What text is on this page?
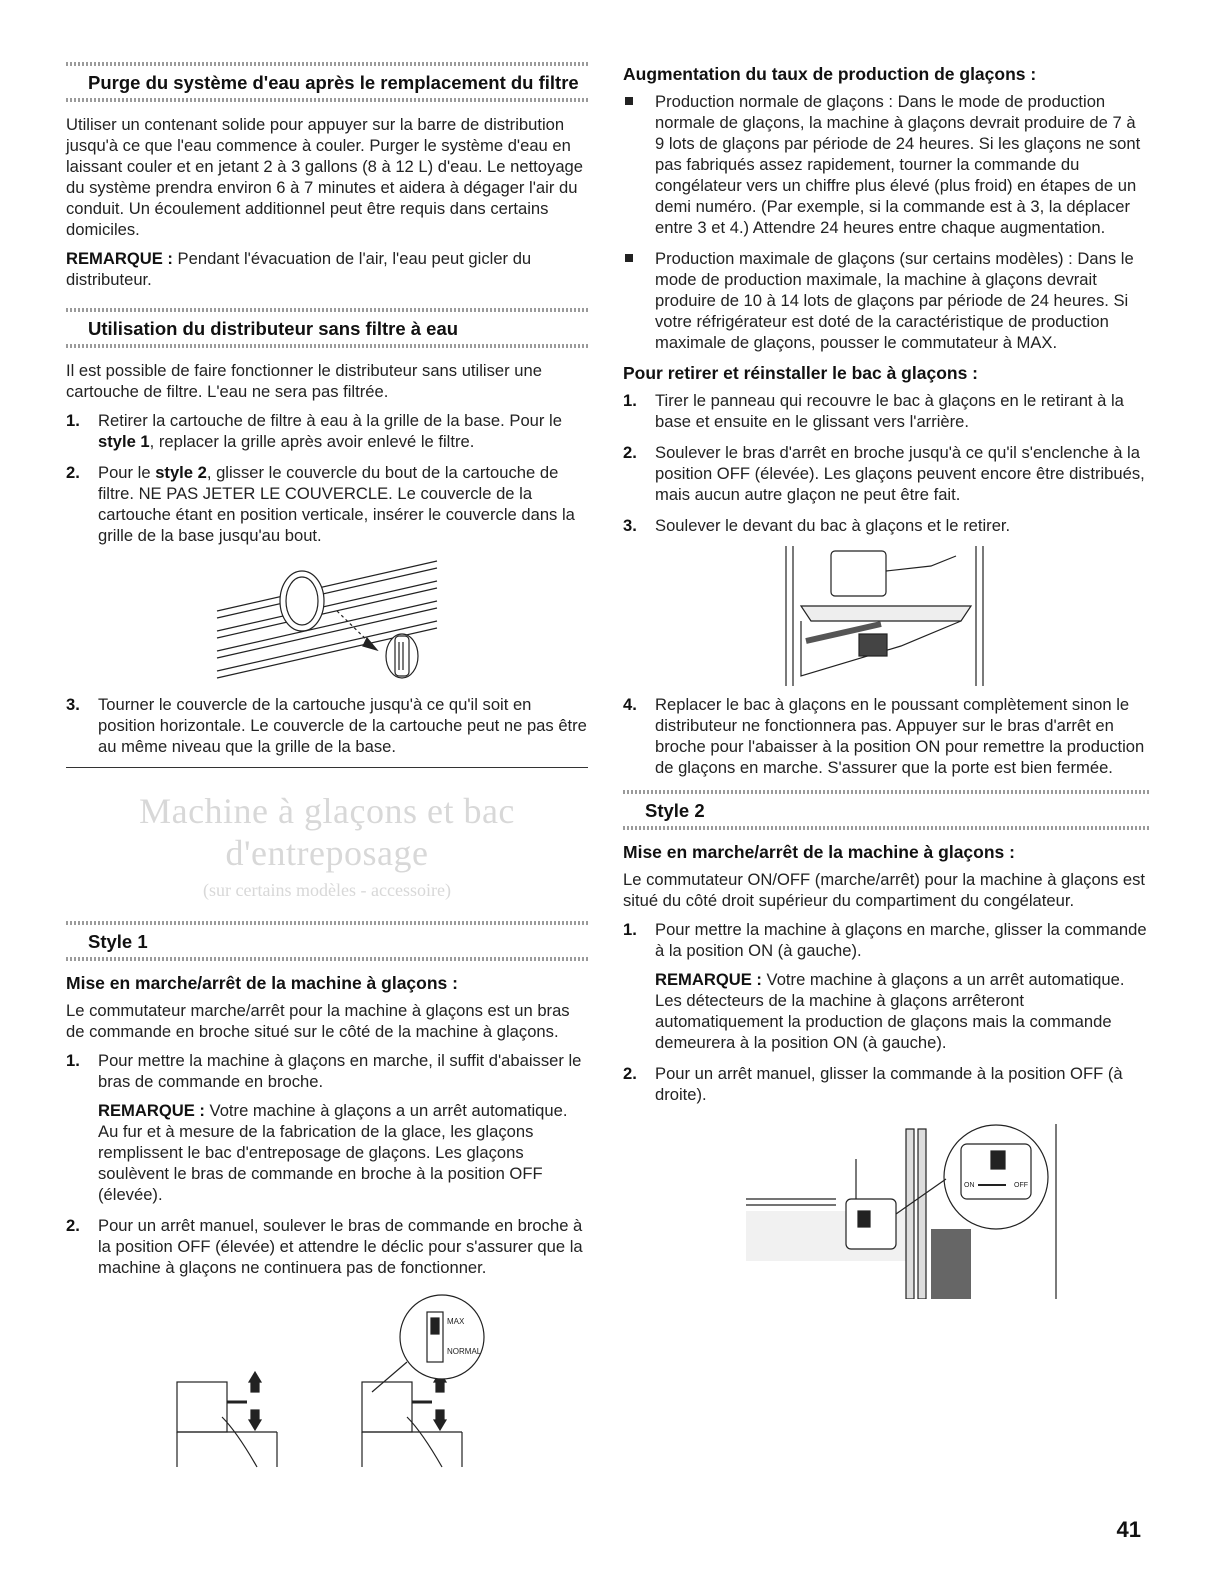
Purge du système d'eau après le remplacement du filtre

Utiliser un contenant solide pour appuyer sur la barre de distribution jusqu'à ce que l'eau commence à couler. Purger le système d'eau en laissant couler et en jetant 2 à 3 gallons (8 à 12 L) d'eau. Le nettoyage du système prendra environ 6 à 7 minutes et aidera à dégager l'air du conduit. Un écoulement additionnel peut être requis dans certains domiciles.

REMARQUE : Pendant l'évacuation de l'air, l'eau peut gicler du distributeur.

Utilisation du distributeur sans filtre à eau

Il est possible de faire fonctionner le distributeur sans utiliser une cartouche de filtre. L'eau ne sera pas filtrée.

1. Retirer la cartouche de filtre à eau à la grille de la base. Pour le style 1, replacer la grille après avoir enlevé le filtre.
2. Pour le style 2, glisser le couvercle du bout de la cartouche de filtre. NE PAS JETER LE COUVERCLE. Le couvercle de la cartouche étant en position verticale, insérer le couvercle dans la grille de la base jusqu'au bout.
3. Tourner le couvercle de la cartouche jusqu'à ce qu'il soit en position horizontale. Le couvercle de la cartouche peut ne pas être au même niveau que la grille de la base.
Machine à glaçons et bac d'entreposage
(sur certains modèles - accessoire)
Style 1
Mise en marche/arrêt de la machine à glaçons :

Le commutateur marche/arrêt pour la machine à glaçons est un bras de commande en broche situé sur le côté de la machine à glaçons.

1. Pour mettre la machine à glaçons en marche, il suffit d'abaisser le bras de commande en broche.

REMARQUE : Votre machine à glaçons a un arrêt automatique. Au fur et à mesure de la fabrication de la glace, les glaçons remplissent le bac d'entreposage de glaçons. Les glaçons soulèvent le bras de commande en broche à la position OFF (élevée).

2. Pour un arrêt manuel, soulever le bras de commande en broche à la position OFF (élevée) et attendre le déclic pour s'assurer que la machine à glaçons ne continuera pas de fonctionner.
MAX
NORMAL
Augmentation du taux de production de glaçons :
Production normale de glaçons : Dans le mode de production normale de glaçons, la machine à glaçons devrait produire de 7 à 9 lots de glaçons par période de 24 heures. Si les glaçons ne sont pas fabriqués assez rapidement, tourner la commande du congélateur vers un chiffre plus élevé (plus froid) en étapes de un demi numéro. (Par exemple, si la commande est à 3, la déplacer entre 3 et 4.) Attendre 24 heures entre chaque augmentation.
Production maximale de glaçons (sur certains modèles) : Dans le mode de production maximale, la machine à glaçons devrait produire de 10 à 14 lots de glaçons par période de 24 heures. Si votre réfrigérateur est doté de la caractéristique de production maximale de glaçons, pousser le commutateur à MAX.
Pour retirer et réinstaller le bac à glaçons :
1. Tirer le panneau qui recouvre le bac à glaçons en le retirant à la base et ensuite en le glissant vers l'arrière.
2. Soulever le bras d'arrêt en broche jusqu'à ce qu'il s'enclenche à la position OFF (élevée). Les glaçons peuvent encore être distribués, mais aucun autre glaçon ne peut être fait.
3. Soulever le devant du bac à glaçons et le retirer.
4. Replacer le bac à glaçons en le poussant complètement sinon le distributeur ne fonctionnera pas. Appuyer sur le bras d'arrêt en broche pour l'abaisser à la position ON pour remettre la production de glaçons en marche. S'assurer que la porte est bien fermée.
Style 2
Mise en marche/arrêt de la machine à glaçons :

Le commutateur ON/OFF (marche/arrêt) pour la machine à glaçons est situé du côté droit supérieur du compartiment du congélateur.

1. Pour mettre la machine à glaçons en marche, glisser la commande à la position ON (à gauche).

REMARQUE : Votre machine à glaçons a un arrêt automatique. Les détecteurs de la machine à glaçons arrêteront automatiquement la production de glaçons mais la commande demeurera à la position ON (à gauche).

2. Pour un arrêt manuel, glisser la commande à la position OFF (à droite).
ON	OFF
41
